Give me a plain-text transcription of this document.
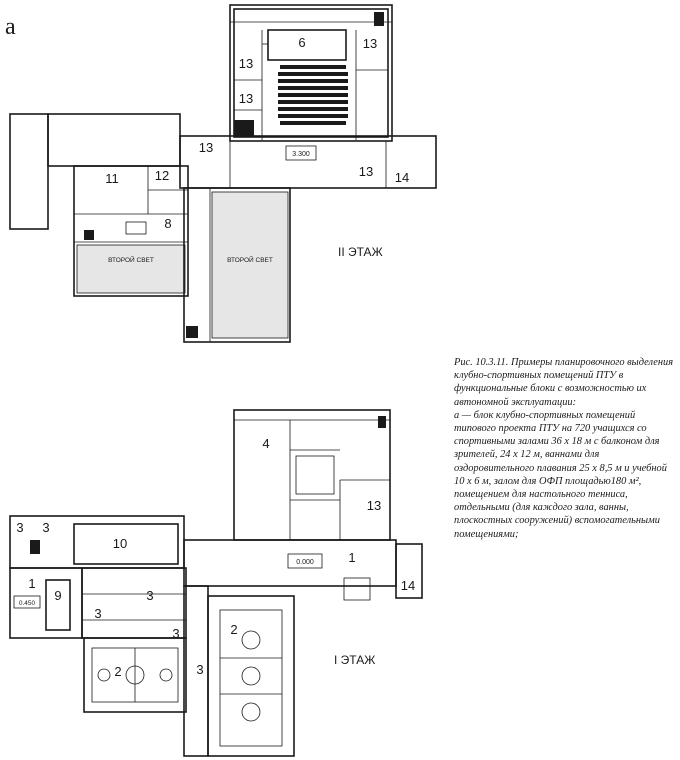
а
3.300
ВТОРОЙ СВЕТ	ВТОРОЙ СВЕТ
II ЭТАЖ
6	13
13
13
13
13 14
11	12
8
0.000
0.450
I ЭТАЖ
4
13
10
3 3
1
9	3
3
3
2
2
3
1
14

Рис. 10.3.11. Примеры планировочного выделения клубно-спортивных помещений ПТУ в функциональные блоки с возможностью их автономной эксплуатации:

а — блок клубно-спортивных помещений типового проекта ПТУ на 720 учащихся со спортивными залами 36 х 18 м с балконом для зрителей, 24 х 12 м, ваннами для оздоровительного плавания 25 х 8,5 м и учебной 10 х 6 м, залом для ОФП площадью180 м², помещением для настольного тенниса, отдельными (для каждого зала, ванны, плоскостных сооружений) вспомогательными помещениями;
